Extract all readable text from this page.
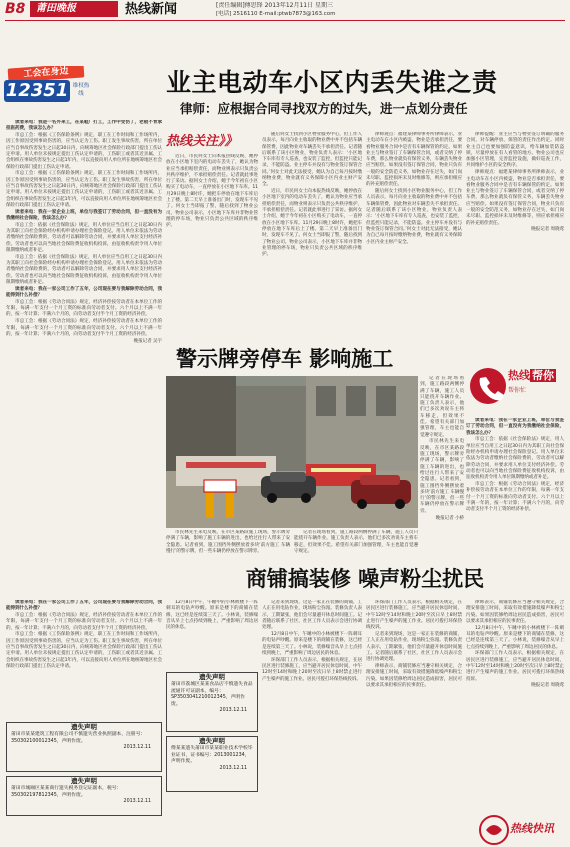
B8	莆田晚报	热线新闻	[责任编辑]傅思锋 2013年12月11日 星期三
[电话] 2516110 E-mail:ptwb7873@163.com
工会在身边
12351 维权热线	业主电动车小区内丢失谁之责
律师：应根据合同寻找双方的过失，进一点划分责任

读者来电：我是一名外来工，在某鞋厂打工，工作中受伤了，老板不肯承担医药费，我该怎么办？

市总工会：根据《工伤保险条例》规定，职工在工作时间和工作场所内，因工作原因受到事故伤害的，应当认定为工伤。职工发生事故伤害，所在单位应当自事故伤害发生之日起30日内，向统筹地区社会保险行政部门提出工伤认定申请。用人单位未按规定提出工伤认定申请的，工伤职工或者其近亲属、工会组织在事故伤害发生之日起1年内，可以直接向用人单位所在地统筹地区社会保险行政部门提出工伤认定申请。

市总工会：根据《工伤保险条例》规定，职工在工作时间和工作场所内，因工作原因受到事故伤害的，应当认定为工伤。职工发生事故伤害，所在单位应当自事故伤害发生之日起30日内，向统筹地区社会保险行政部门提出工伤认定申请。用人单位未按规定提出工伤认定申请的，工伤职工或者其近亲属、工会组织在事故伤害发生之日起1年内，可以直接向用人单位所在地统筹地区社会保险行政部门提出工伤认定申请。

读者来电：我在一家企业上班，单位与我签订了劳动合同，但一直没有为我缴纳社会保险，我该怎么办？

市总工会：依据《社会保险法》规定，用人单位应当自用工之日起30日内为其职工向社会保险经办机构申请办理社会保险登记。用人单位未依法为劳动者缴纳社会保险费的，劳动者可以解除劳动合同，并要求用人单位支付经济补偿。劳动者也可以向当地社会保险费征收机构投诉，由征收机构责令用人单位限期缴纳或者补足。

市总工会：依据《社会保险法》规定，用人单位应当自用工之日起30日内为其职工向社会保险经办机构申请办理社会保险登记。用人单位未依法为劳动者缴纳社会保险费的，劳动者可以解除劳动合同，并要求用人单位支付经济补偿。劳动者也可以向当地社会保险费征收机构投诉，由征收机构责令用人单位限期缴纳或者补足。

读者来电：我在一家公司工作了五年，公司现在要与我解除劳动合同，我能得到什么补偿？

市总工会：根据《劳动合同法》规定，经济补偿按劳动者在本单位工作的年限，每满一年支付一个月工资的标准向劳动者支付。六个月以上不满一年的，按一年计算；不满六个月的，向劳动者支付半个月工资的经济补偿。

市总工会：根据《劳动合同法》规定，经济补偿按劳动者在本单位工作的年限，每满一年支付一个月工资的标准向劳动者支付。六个月以上不满一年的，按一年计算；不满六个月的，向劳动者支付半个月工资的经济补偿。

晚报记者 吴宇

热线关注》》

近日，市民何女士向本报热线反映，她停放在小区地下室内的电动车丢失了，她认为物业应当承担赔偿责任，而物业则表示只负责公共秩序维护，不承担赔偿责任。记者就此事进行了采访。据何女士介绍，她于今年初在小区购买了电动车，一直停放在小区地下车库。11月29日晚上8时许，她把车停放在地下车库后上了楼。第二天早上准备出门时，发现车不见了。何女士当即报了警，随后找到了物业公司。物业公司表示，小区地下车库并非物业管理的停车场，物业只负责公共区域的秩序维护。

随后何女士找到小区物业服务中心，但工作人员表示，每月向业主收取的物业费中并不包括车辆保管费，因此物业对车辆丢失不承担责任。记者随后联系了该小区物业，物业负责人表示：‘小区地下车库有专人巡查，也安装了监控，但监控只能记录，不能防盗。业主停车并没有与物业签订保管合同。’何女士对此无法接受，她认为自己每月按时缴纳物业费，物业就有义务保障小区内业主财产安全。

近日，市民何女士向本报热线反映，她停放在小区地下室内的电动车丢失了，她认为物业应当承担赔偿责任，而物业则表示只负责公共秩序维护，不承担赔偿责任。记者就此事进行了采访。据何女士介绍，她于今年初在小区购买了电动车，一直停放在小区地下车库。11月29日晚上8时许，她把车停放在地下车库后上了楼。第二天早上准备出门时，发现车不见了。何女士当即报了警，随后找到了物业公司。物业公司表示，小区地下车库并非物业管理的停车场，物业只负责公共区域的秩序维护。

律师观点：福建某律师事务所律师表示，业主电动车在小区内被盗，物业是否承担责任，要看物业服务合同中是否有车辆保管的约定。如果业主与物业签订了车辆保管合同，或者交纳了停车费，那么物业就负有保管义务，车辆丢失物业应当赔偿。如果没有签订保管合同，物业只负有一般的安全防范义务，如物业存在过失，如门岗未尽职、监控损坏未及时维修等，则应承担相应的补充赔偿责任。

随后何女士找到小区物业服务中心，但工作人员表示，每月向业主收取的物业费中并不包括车辆保管费，因此物业对车辆丢失不承担责任。记者随后联系了该小区物业，物业负责人表示：‘小区地下车库有专人巡查，也安装了监控，但监控只能记录，不能防盗。业主停车并没有与物业签订保管合同。’何女士对此无法接受，她认为自己每月按时缴纳物业费，物业就有义务保障小区内业主财产安全。

律师提醒：业主应当与物业签订明确的服务合同，对车辆停放、保管的责任作出约定。同时业主自己也要加强防盗意识，给车辆加装防盗锁，尽量停放在有人看管的地方。物业公司也应加强小区管理，完善监控设施，做好巡查工作，共同维护小区的安全秩序。

律师观点：福建某律师事务所律师表示，业主电动车在小区内被盗，物业是否承担责任，要看物业服务合同中是否有车辆保管的约定。如果业主与物业签订了车辆保管合同，或者交纳了停车费，那么物业就负有保管义务，车辆丢失物业应当赔偿。如果没有签订保管合同，物业只负有一般的安全防范义务，如物业存在过失，如门岗未尽职、监控损坏未及时维修等，则应承担相应的补充赔偿责任。

晚报记者 周晓莺

警示牌旁停车 影响施工

市民林先生来电反映，在市区某路段施工现场，警示牌旁停满了车辆，影响了施工车辆的进出，也给过往行人带来了安全隐患。记者看到，施工围挡外侧摆放着多块‘前方施工 车辆慢行’的警示牌，但一些车辆仍停放在警示牌旁。

记者在现场看到，施工路段两侧停满了车辆，施工人员只能绕开车辆作业。施工负责人表示，他们已多次劝说车主将车移走，但效果不佳。希望有关部门加强管理，车主也能自觉遵守规定。

记者在现场看到，施工路段两侧停满了车辆，施工人员只能绕开车辆作业。施工负责人表示，他们已多次劝说车主将车移走，但效果不佳。希望有关部门加强管理，车主也能自觉遵守规定。

市民林先生来电反映，在市区某路段施工现场，警示牌旁停满了车辆，影响了施工车辆的进出，也给过往行人带来了安全隐患。记者看到，施工围挡外侧摆放着多块‘前方施工 车辆慢行’的警示牌，但一些车辆仍停放在警示牌旁。

晚报记者 小桥

热线 帮你
帮你忙

读者来电：我在一家企业上班，单位与我签订了劳动合同，但一直没有为我缴纳社会保险，我该怎么办？

市总工会：依据《社会保险法》规定，用人单位应当自用工之日起30日内为其职工向社会保险经办机构申请办理社会保险登记。用人单位未依法为劳动者缴纳社会保险费的，劳动者可以解除劳动合同，并要求用人单位支付经济补偿。劳动者也可以向当地社会保险费征收机构投诉，由征收机构责令用人单位限期缴纳或者补足。

市总工会：根据《劳动合同法》规定，经济补偿按劳动者在本单位工作的年限，每满一年支付一个月工资的标准向劳动者支付。六个月以上不满一年的，按一年计算；不满六个月的，向劳动者支付半个月工资的经济补偿。

商铺搞装修 噪声粉尘扰民

读者来电：我在一家公司工作了五年，公司现在要与我解除劳动合同，我能得到什么补偿？

市总工会：根据《劳动合同法》规定，经济补偿按劳动者在本单位工作的年限，每满一年支付一个月工资的标准向劳动者支付。六个月以上不满一年的，按一年计算；不满六个月的，向劳动者支付半个月工资的经济补偿。

市总工会：根据《工伤保险条例》规定，职工在工作时间和工作场所内，因工作原因受到事故伤害的，应当认定为工伤。职工发生事故伤害，所在单位应当自事故伤害发生之日起30日内，向统筹地区社会保险行政部门提出工伤认定申请。用人单位未按规定提出工伤认定申请的，工伤职工或者其近亲属、工会组织在事故伤害发生之日起1年内，可以直接向用人单位所在地统筹地区社会保险行政部门提出工伤认定申请。

12月8日中午，午睡中的小林被楼下一阵刺耳的电钻声吵醒。原来是楼下的商铺在装修，这已经是连续第三天了。小林说，装修噪音从早上七点持续到晚上，严重影响了周边居民的休息。

记者来到现场，这是一家正在装修的商铺，工人正在用电钻作业，现场粉尘弥漫。装修负责人表示，工期紧张，他们会尽量避开休息时间施工。记者随后联系了社区，社区工作人员表示会进行协调处理。

12月8日中午，午睡中的小林被楼下一阵刺耳的电钻声吵醒。原来是楼下的商铺在装修，这已经是连续第三天了。小林说，装修噪音从早上七点持续到晚上，严重影响了周边居民的休息。

环保部门工作人员表示，根据相关规定，在居民区进行装修施工，应当避开居民休息时间，中午12时至14时和晚上20时至次日早上8时禁止进行产生噪声的施工作业。居民可拨打环保热线投诉。

环保部门工作人员表示，根据相关规定，在居民区进行装修施工，应当避开居民休息时间，中午12时至14时和晚上20时至次日早上8时禁止进行产生噪声的施工作业。居民可拨打环保热线投诉。

记者来到现场，这是一家正在装修的商铺，工人正在用电钻作业，现场粉尘弥漫。装修负责人表示，工期紧张，他们会尽量避开休息时间施工。记者随后联系了社区，社区工作人员表示会进行协调处理。

律师表示，商铺装修应当遵守相关规定，合理安排施工时间，采取有效措施降低噪声和粉尘污染。如果因装修给周边居民造成损害，居民可以要求其承担相应的民事责任。

律师表示，商铺装修应当遵守相关规定，合理安排施工时间，采取有效措施降低噪声和粉尘污染。如果因装修给周边居民造成损害，居民可以要求其承担相应的民事责任。

12月8日中午，午睡中的小林被楼下一阵刺耳的电钻声吵醒。原来是楼下的商铺在装修，这已经是连续第三天了。小林说，装修噪音从早上七点持续到晚上，严重影响了周边居民的休息。

环保部门工作人员表示，根据相关规定，在居民区进行装修施工，应当避开居民休息时间，中午12时至14时和晚上20时至次日早上8时禁止进行产生噪声的施工作业。居民可拨打环保热线投诉。

晚报记者 周晓莺

遗失声明
莆田市某某建筑工程有限公司不慎遗失营业执照副本，注册号：350302100012345，声明作废。
2013.12.11
遗失声明
莆田市城厢区某某商行遗失税务登记证副本，税号：350302197812345，声明作废。
2013.12.11
遗失声明
莆田市荔城区某某食品店不慎遗失食品流通许可证副本，编号：SP3503041210012345，声明作废。
2013.12.11
遗失声明
傅某某遗失莆田市某某职业技术学校毕业证书，证书编号：2013001234，声明作废。
2013.12.11
热线快讯
